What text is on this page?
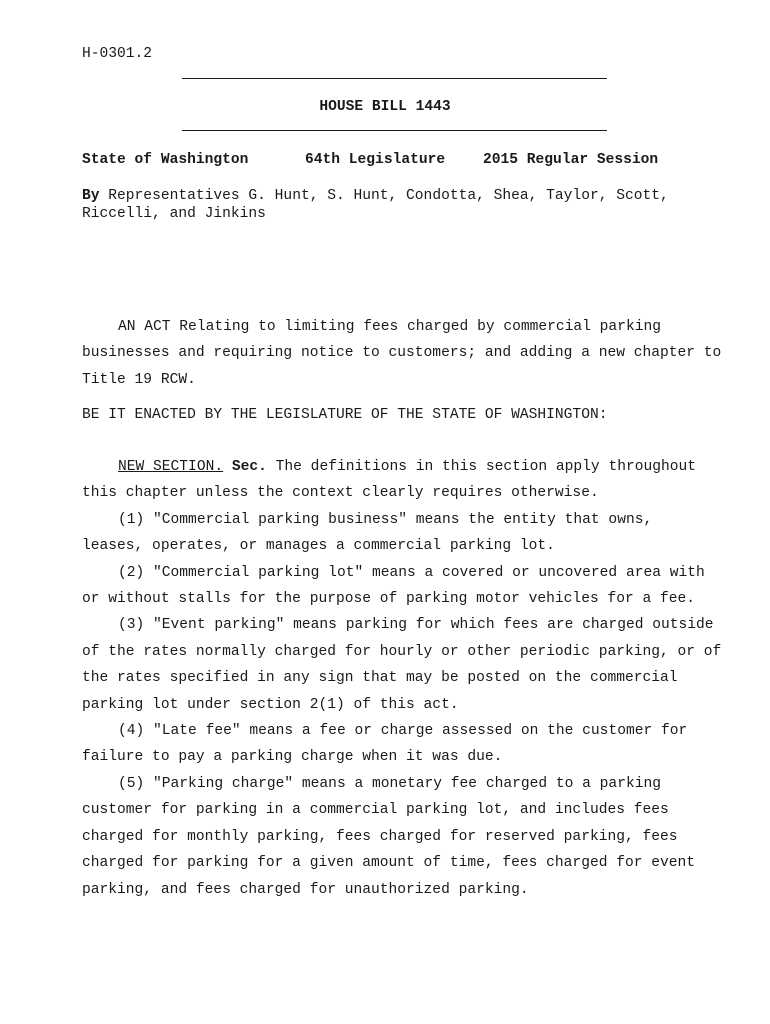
H-0301.2
HOUSE BILL 1443
State of Washington	64th Legislature	2015 Regular Session
By Representatives G. Hunt, S. Hunt, Condotta, Shea, Taylor, Scott,
Riccelli, and Jinkins

AN ACT Relating to limiting fees charged by commercial parking businesses and requiring notice to customers; and adding a new chapter to Title 19 RCW.

BE IT ENACTED BY THE LEGISLATURE OF THE STATE OF WASHINGTON:

NEW SECTION. Sec. The definitions in this section apply throughout this chapter unless the context clearly requires otherwise.

(1) "Commercial parking business" means the entity that owns, leases, operates, or manages a commercial parking lot.

(2) "Commercial parking lot" means a covered or uncovered area with or without stalls for the purpose of parking motor vehicles for a fee.

(3) "Event parking" means parking for which fees are charged outside of the rates normally charged for hourly or other periodic parking, or of the rates specified in any sign that may be posted on the commercial parking lot under section 2(1) of this act.

(4) "Late fee" means a fee or charge assessed on the customer for failure to pay a parking charge when it was due.

(5) "Parking charge" means a monetary fee charged to a parking customer for parking in a commercial parking lot, and includes fees charged for monthly parking, fees charged for reserved parking, fees charged for parking for a given amount of time, fees charged for event parking, and fees charged for unauthorized parking.
